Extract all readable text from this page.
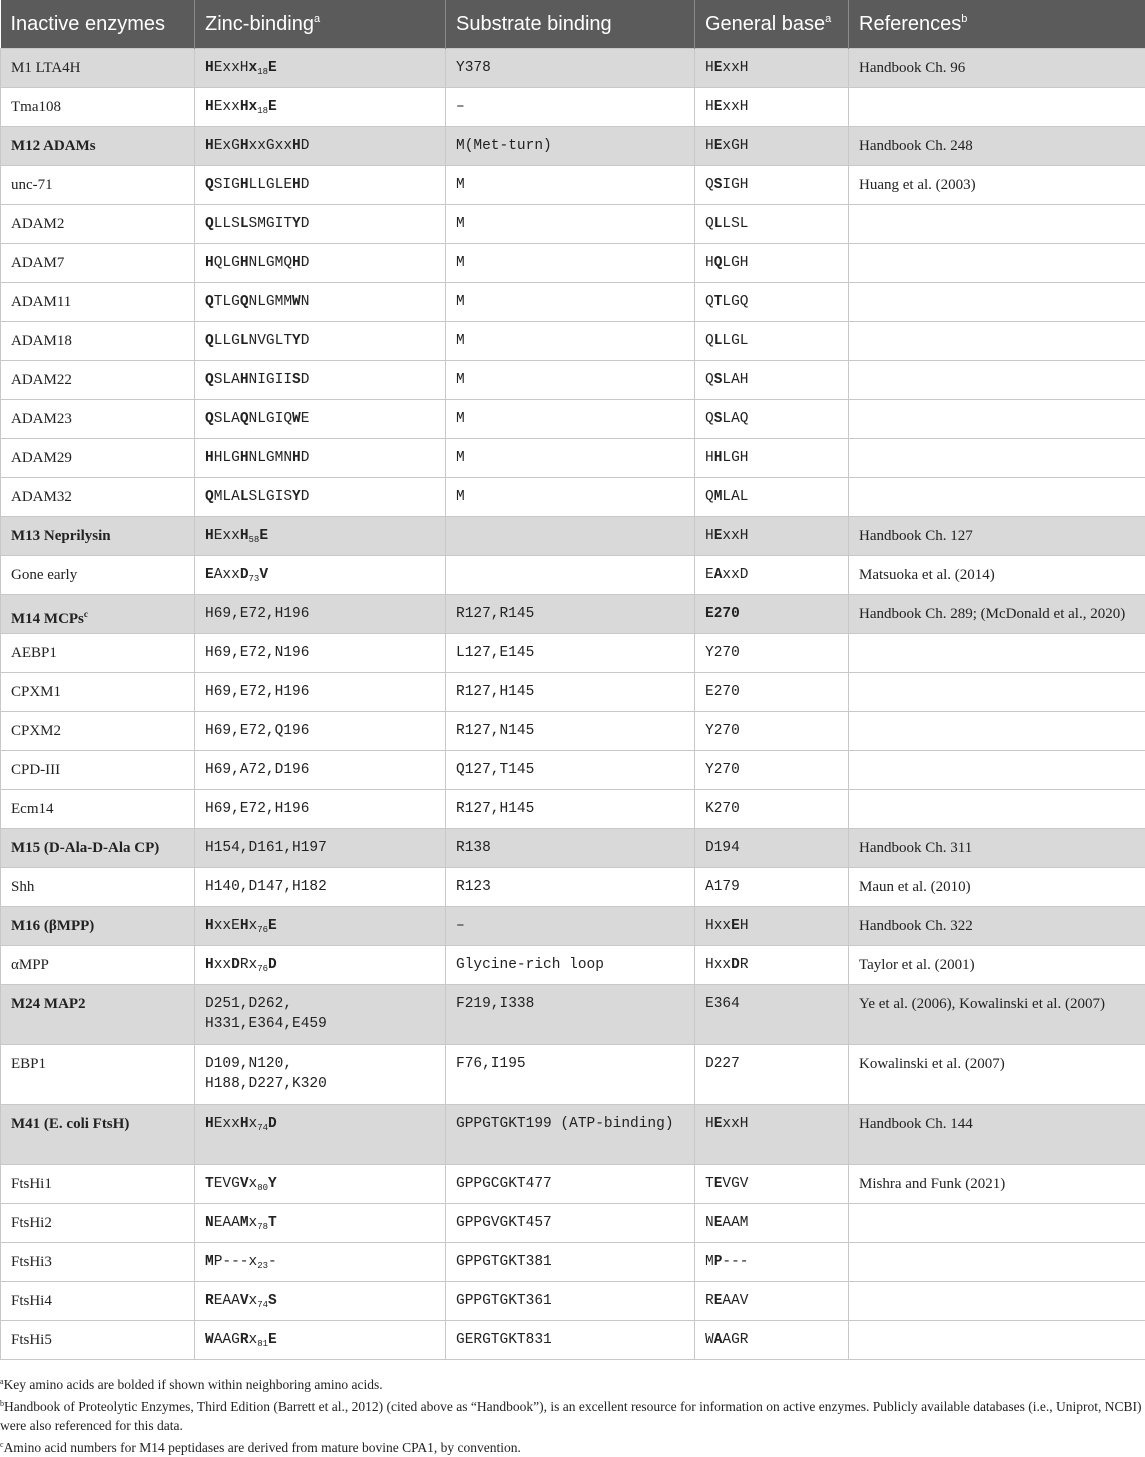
Inactive enzymes	Zinc-binding$^a$	Substrate binding	General base$^a$	References$^b$
M1 LTA4H	HExxHx$_{18}$E	Y378	HExxH	Handbook Ch. 96
Tma108	HExxHx$_{18}$E	–	HExxH	
M12 ADAMs	HExGHxxGxxHD	M(Met-turn)	HExGH	Handbook Ch. 248
unc-71	QSIGHLLGLEHD	M	QSIGH	Huang et al. (2003)
ADAM2	QLLSLSMGITYD	M	QLLSL	
ADAM7	HQLGHNLGMQHD	M	HQLGH	
ADAM11	QTLGQNLGMMWN	M	QTLGQ	
ADAM18	QLLGLNVGLTYD	M	QLLGL	
ADAM22	QSLAHNIGIISD	M	QSLAH	
ADAM23	QSLAQNLGIQWE	M	QSLAQ	
ADAM29	HHLGHNLGMNHD	M	HHLGH	
ADAM32	QMLALSLGISYD	M	QMLAL	
M13 Neprilysin	HExxH$_{58}$E		HExxH	Handbook Ch. 127
Gone early	EAxxD$_{73}$V		EAxxD	Matsuoka et al. (2014)
M14 MCPs$^c$	H69,E72,H196	R127,R145	E270	Handbook Ch. 289; (McDonald et al., 2020)
AEBP1	H69,E72,N196	L127,E145	Y270	
CPXM1	H69,E72,H196	R127,H145	E270	
CPXM2	H69,E72,Q196	R127,N145	Y270	
CPD-III	H69,A72,D196	Q127,T145	Y270	
Ecm14	H69,E72,H196	R127,H145	K270	
M15 (D-Ala-D-Ala CP)	H154,D161,H197	R138	D194	Handbook Ch. 311
Shh	H140,D147,H182	R123	A179	Maun et al. (2010)
M16 (βMPP)	HxxEHx$_{76}$E	–	HxxEH	Handbook Ch. 322
αMPP	HxxDRx$_{76}$D	Glycine-rich loop	HxxDR	Taylor et al. (2001)
M24 MAP2	D251,D262,
H331,E364,E459	F219,I338	E364	Ye et al. (2006), Kowalinski et al. (2007)
EBP1	D109,N120,
H188,D227,K320	F76,I195	D227	Kowalinski et al. (2007)
M41 (E. coli FtsH)	HExxHx$_{74}$D	GPPGTGKT199 (ATP-binding)	HExxH	Handbook Ch. 144
FtsHi1	TEVGVx$_{80}$Y	GPPGCGKT477	TEVGV	Mishra and Funk (2021)
FtsHi2	NEAAMx$_{78}$T	GPPGVGKT457	NEAAM	
FtsHi3	$MP---x_{23}-$	GPPGTGKT381	MP---	
FtsHi4	REAAVx$_{74}$S	GPPGTGKT361	REAAV	
FtsHi5	WAAGRx$_{81}$E	GERGTGKT831	WAAGR	
$^a$Key amino acids are bolded if shown within neighboring amino acids.
$^b$Handbook of Proteolytic Enzymes, Third Edition (Barrett et al., 2012) (cited above as “Handbook”), is an excellent resource for information on active enzymes. Publicly available databases (i.e., Uniprot, NCBI) were also referenced for this data.
$^c$Amino acid numbers for M14 peptidases are derived from mature bovine CPA1, by convention.
